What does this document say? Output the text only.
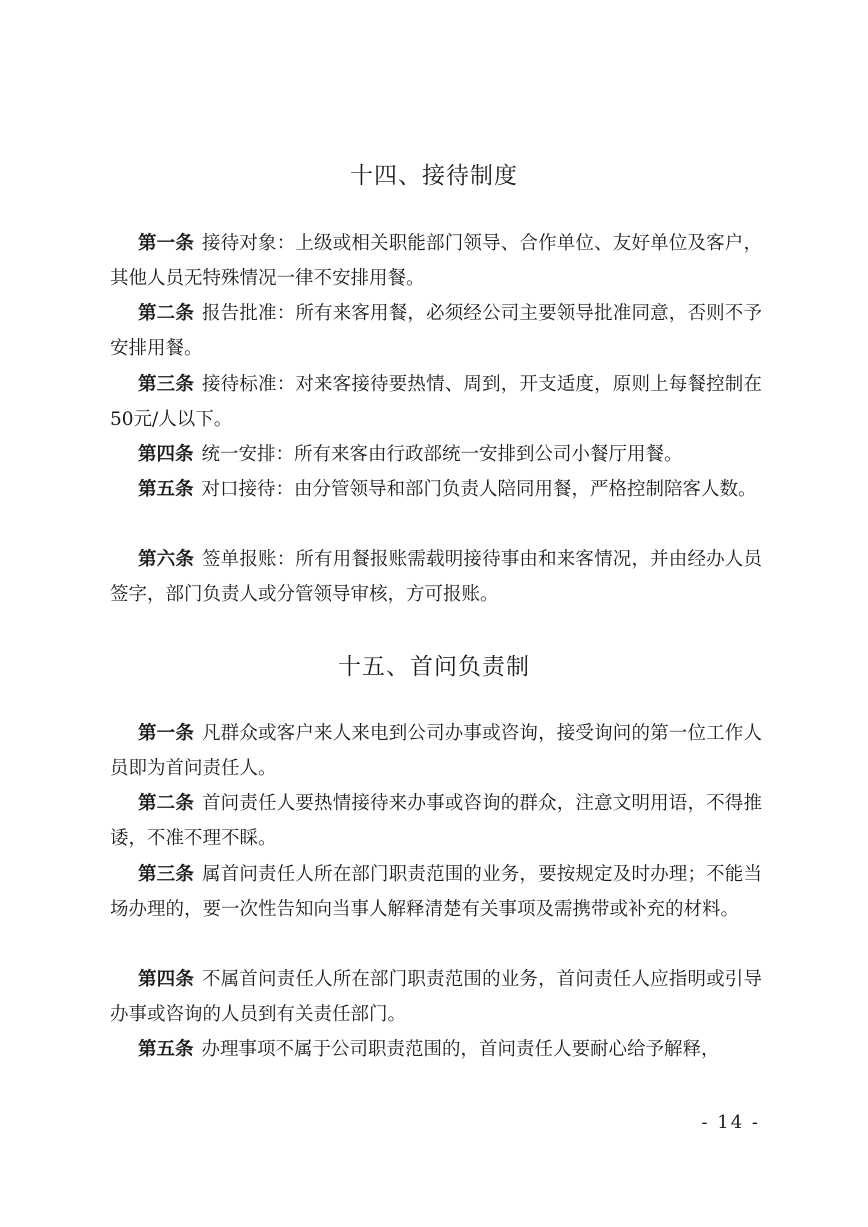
十四、接待制度

第一条 接待对象：上级或相关职能部门领导、合作单位、友好单位及客户，其他人员无特殊情况一律不安排用餐。

第二条 报告批准：所有来客用餐，必须经公司主要领导批准同意，否则不予安排用餐。

第三条 接待标准：对来客接待要热情、周到，开支适度，原则上每餐控制在50元/人以下。

第四条 统一安排：所有来客由行政部统一安排到公司小餐厅用餐。

第五条 对口接待：由分管领导和部门负责人陪同用餐，严格控制陪客人数。

第六条 签单报账：所有用餐报账需载明接待事由和来客情况，并由经办人员签字，部门负责人或分管领导审核，方可报账。

十五、首问负责制

第一条 凡群众或客户来人来电到公司办事或咨询，接受询问的第一位工作人员即为首问责任人。

第二条 首问责任人要热情接待来办事或咨询的群众，注意文明用语，不得推诿，不准不理不睬。

第三条 属首问责任人所在部门职责范围的业务，要按规定及时办理；不能当场办理的，要一次性告知向当事人解释清楚有关事项及需携带或补充的材料。

第四条 不属首问责任人所在部门职责范围的业务，首问责任人应指明或引导办事或咨询的人员到有关责任部门。

第五条 办理事项不属于公司职责范围的，首问责任人要耐心给予解释，

- 14 -
